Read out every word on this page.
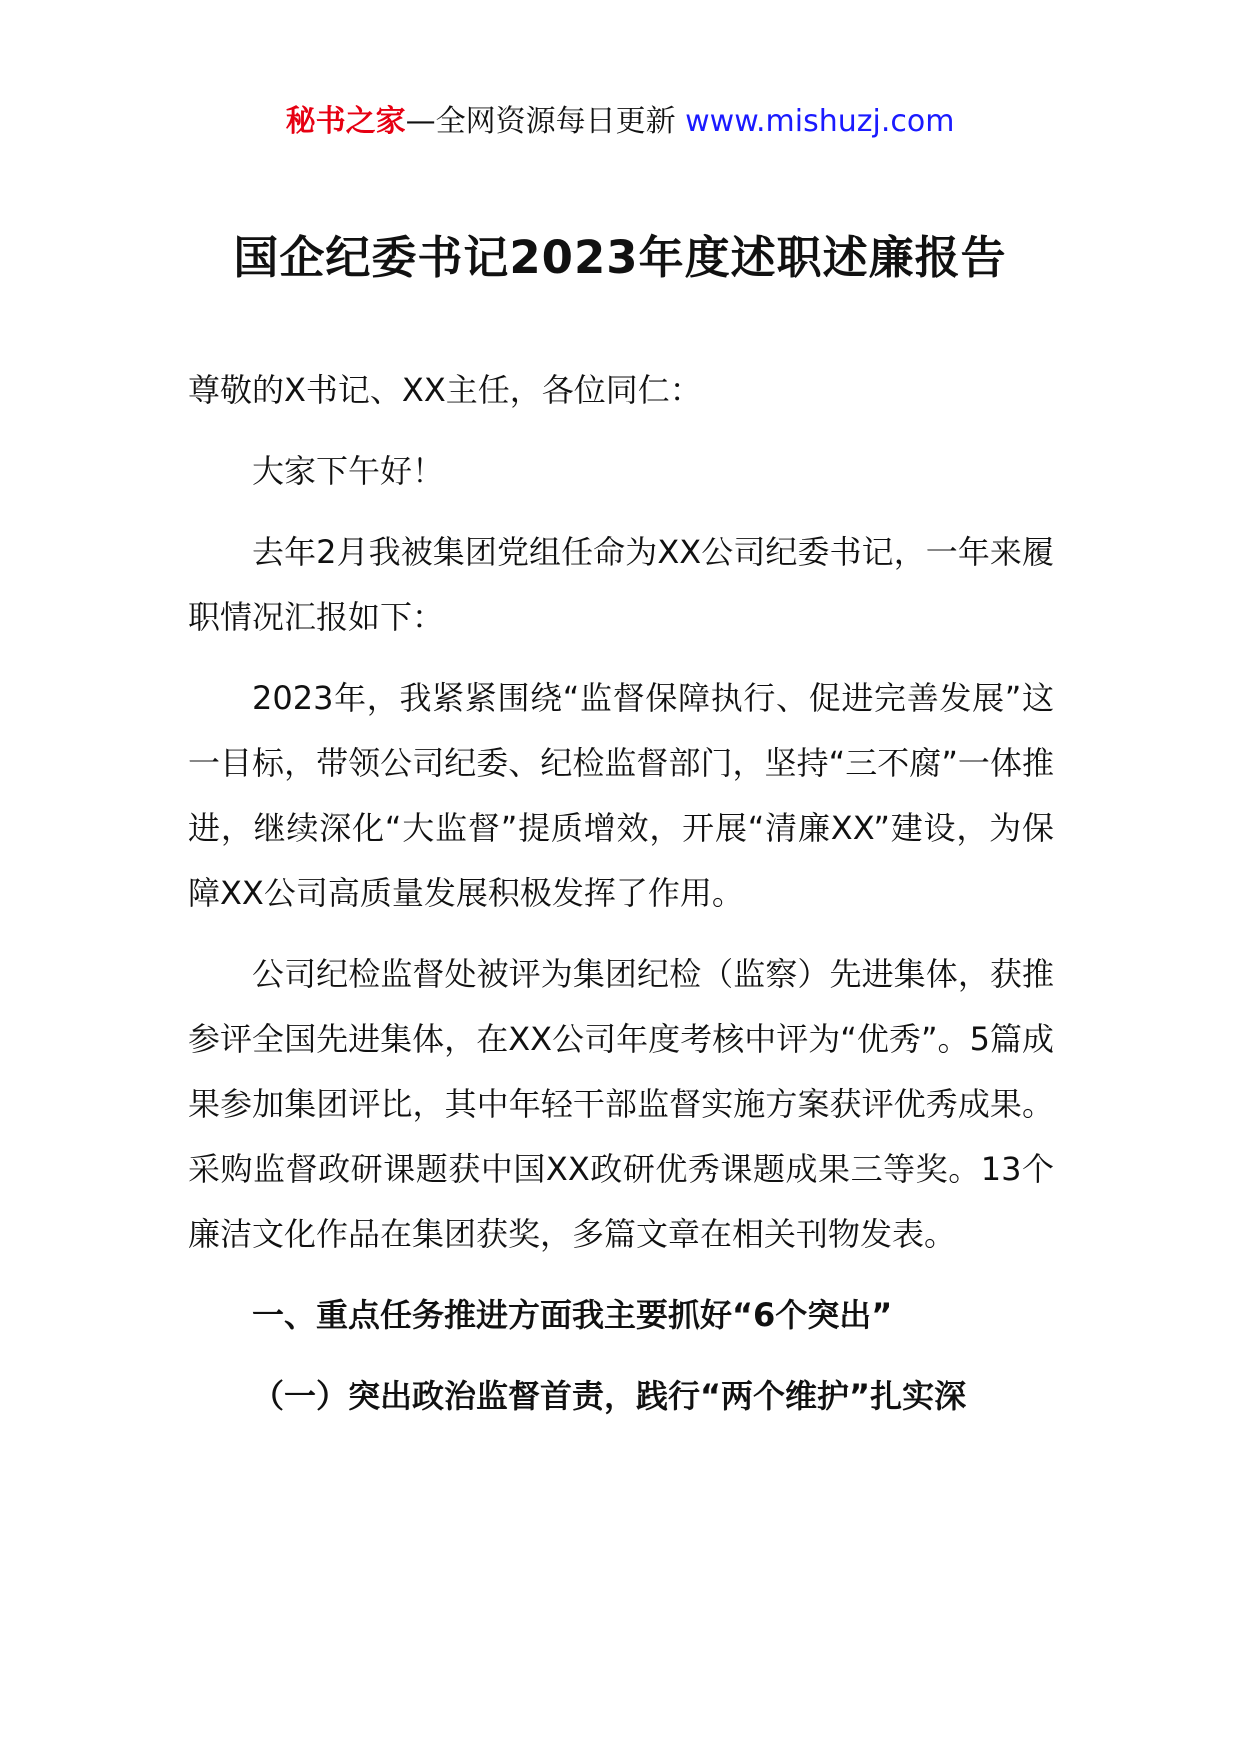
秘书之家—全网资源每日更新 www.mishuzj.com
国企纪委书记2023年度述职述廉报告

尊敬的X书记、XX主任，各位同仁：

大家下午好！

去年2月我被集团党组任命为XX公司纪委书记，一年来履职情况汇报如下：

2023年，我紧紧围绕“监督保障执行、促进完善发展”这一目标，带领公司纪委、纪检监督部门，坚持“三不腐”一体推进，继续深化“大监督”提质增效，开展“清廉XX”建设，为保障XX公司高质量发展积极发挥了作用。

公司纪检监督处被评为集团纪检（监察）先进集体，获推参评全国先进集体，在XX公司年度考核中评为“优秀”。5篇成果参加集团评比，其中年轻干部监督实施方案获评优秀成果。采购监督政研课题获中国XX政研优秀课题成果三等奖。13个廉洁文化作品在集团获奖，多篇文章在相关刊物发表。

一、重点任务推进方面我主要抓好“6个突出”

（一）突出政治监督首责，践行“两个维护”扎实深
